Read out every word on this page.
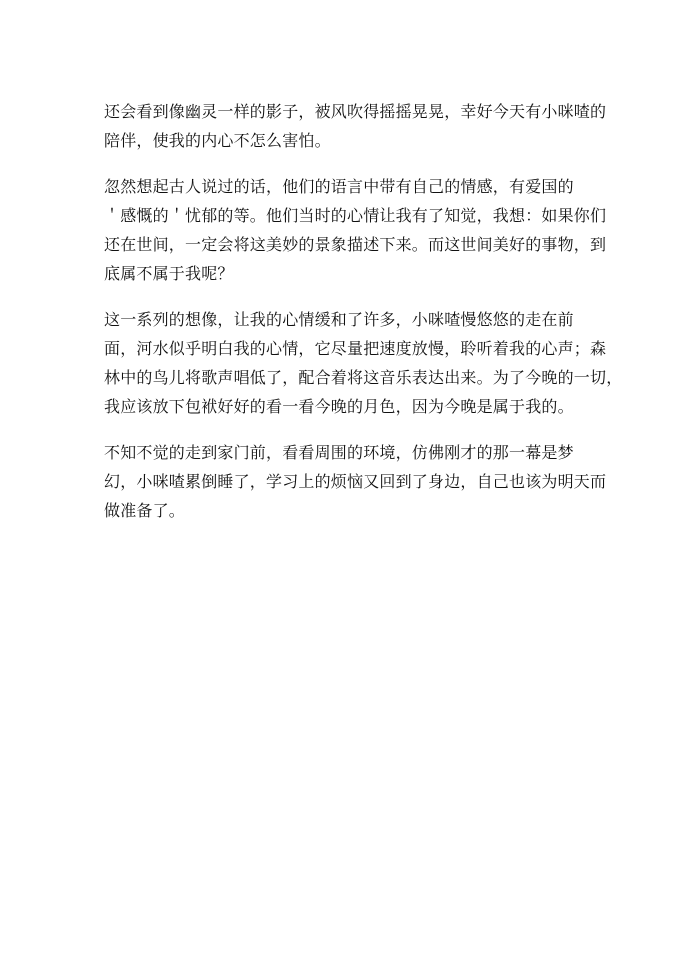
还会看到像幽灵一样的影子，被风吹得摇摇晃晃，幸好今天有小咪喳的
陪伴，使我的内心不怎么害怕。

忽然想起古人说过的话，他们的语言中带有自己的情感，有爱国的
＇感慨的＇忧郁的等。他们当时的心情让我有了知觉，我想：如果你们
还在世间，一定会将这美妙的景象描述下来。而这世间美好的事物，到
底属不属于我呢？

这一系列的想像，让我的心情缓和了许多，小咪喳慢悠悠的走在前
面，河水似乎明白我的心情，它尽量把速度放慢，聆听着我的心声；森
林中的鸟儿将歌声唱低了，配合着将这音乐表达出来。为了今晚的一切，
我应该放下包袱好好的看一看今晚的月色，因为今晚是属于我的。

不知不觉的走到家门前，看看周围的环境，仿佛刚才的那一幕是梦
幻，小咪喳累倒睡了，学习上的烦恼又回到了身边，自己也该为明天而
做准备了。
